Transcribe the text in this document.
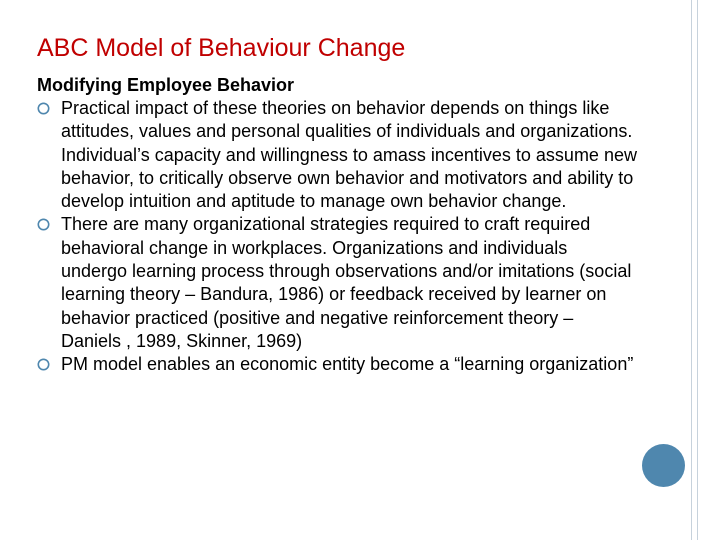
ABC Model of Behaviour Change

Modifying Employee Behavior

Practical impact of these theories on behavior depends on things like attitudes, values and personal qualities of individuals and organizations. Individual’s capacity and willingness to amass incentives to assume new behavior, to critically observe own behavior and motivators and ability to develop intuition and aptitude to manage own behavior change.
There are many organizational strategies required to craft required behavioral change in workplaces. Organizations and individuals undergo learning process through observations and/or imitations (social learning theory – Bandura, 1986) or feedback received by learner on behavior practiced (positive and negative reinforcement theory – Daniels , 1989, Skinner, 1969)
PM model enables an economic entity become a “learning organization”
